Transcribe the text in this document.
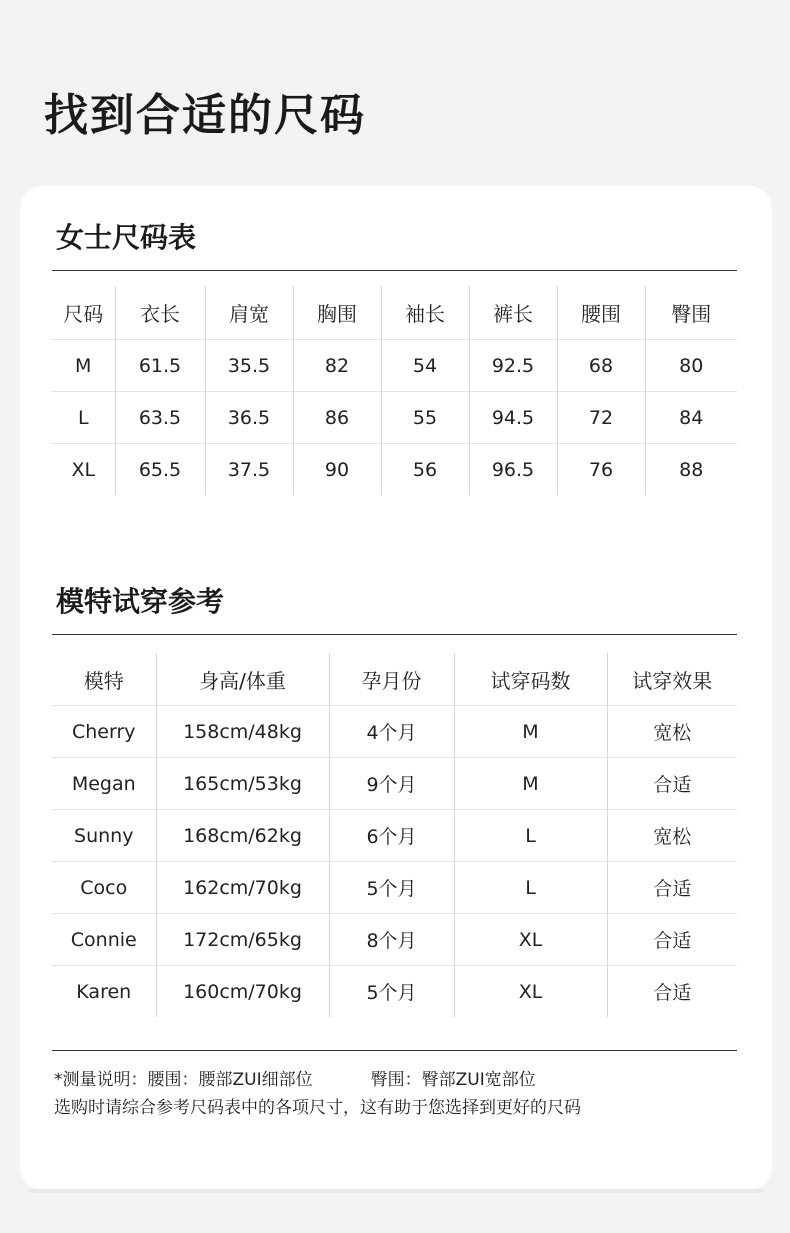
找到合适的尺码
女士尺码表
尺码	衣长	肩宽	胸围	袖长	裤长	腰围	臀围
M	61.5	35.5	82	54	92.5	68	80
L	63.5	36.5	86	55	94.5	72	84
XL	65.5	37.5	90	56	96.5	76	88
模特试穿参考
模特	身高/体重	孕月份	试穿码数	试穿效果
Cherry	158cm/48kg	4个月	M	宽松
Megan	165cm/53kg	9个月	M	合适
Sunny	168cm/62kg	6个月	L	宽松
Coco	162cm/70kg	5个月	L	合适
Connie	172cm/65kg	8个月	XL	合适
Karen	160cm/70kg	5个月	XL	合适
*测量说明：腰围：腰部ZUI细部位	臀围：臀部ZUI宽部位
选购时请综合参考尺码表中的各项尺寸，这有助于您选择到更好的尺码
